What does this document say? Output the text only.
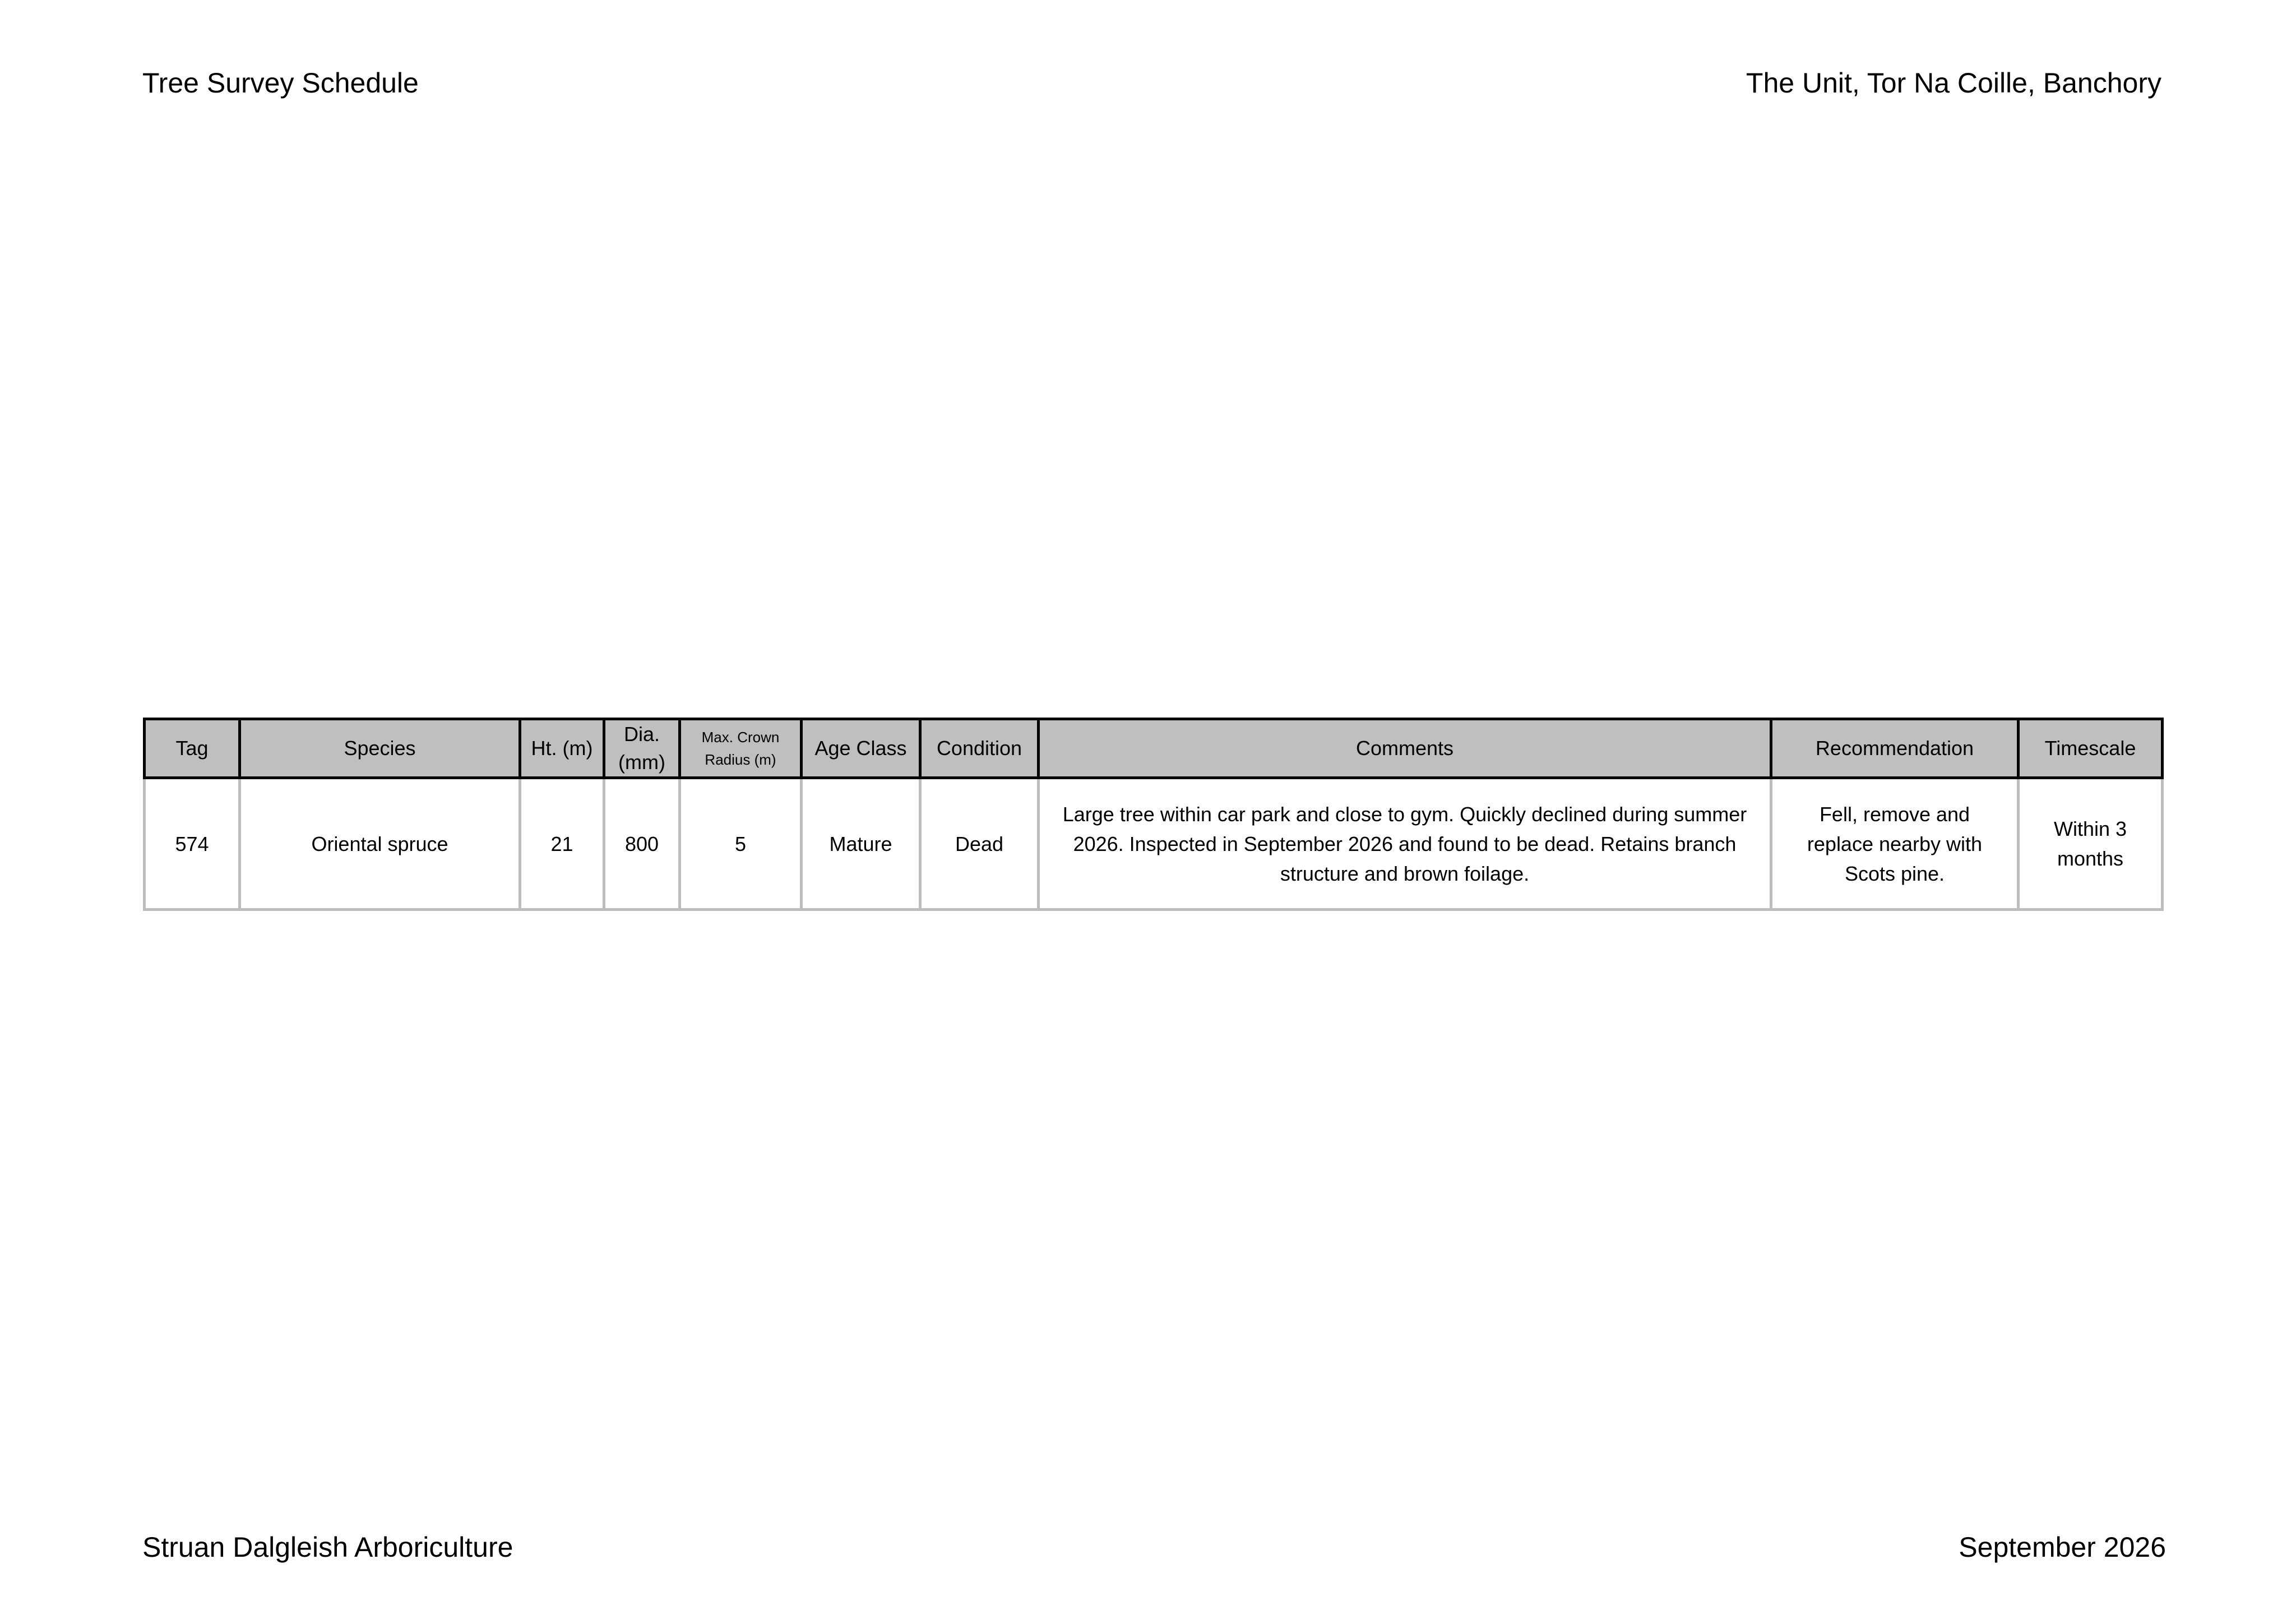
Tree Survey Schedule	The Unit, Tor Na Coille, Banchory
Tag	Species	Ht. (m)	Dia. (mm)	Max. Crown Radius (m)	Age Class	Condition	Comments	Recommendation	Timescale
574	Oriental spruce	21	800	5	Mature	Dead	Large tree within car park and close to gym. Quickly declined during summer 2026. Inspected in September 2026 and found to be dead. Retains branch structure and brown foilage.	Fell, remove and replace nearby with Scots pine.	Within 3 months
Struan Dalgleish Arboriculture	September 2026
